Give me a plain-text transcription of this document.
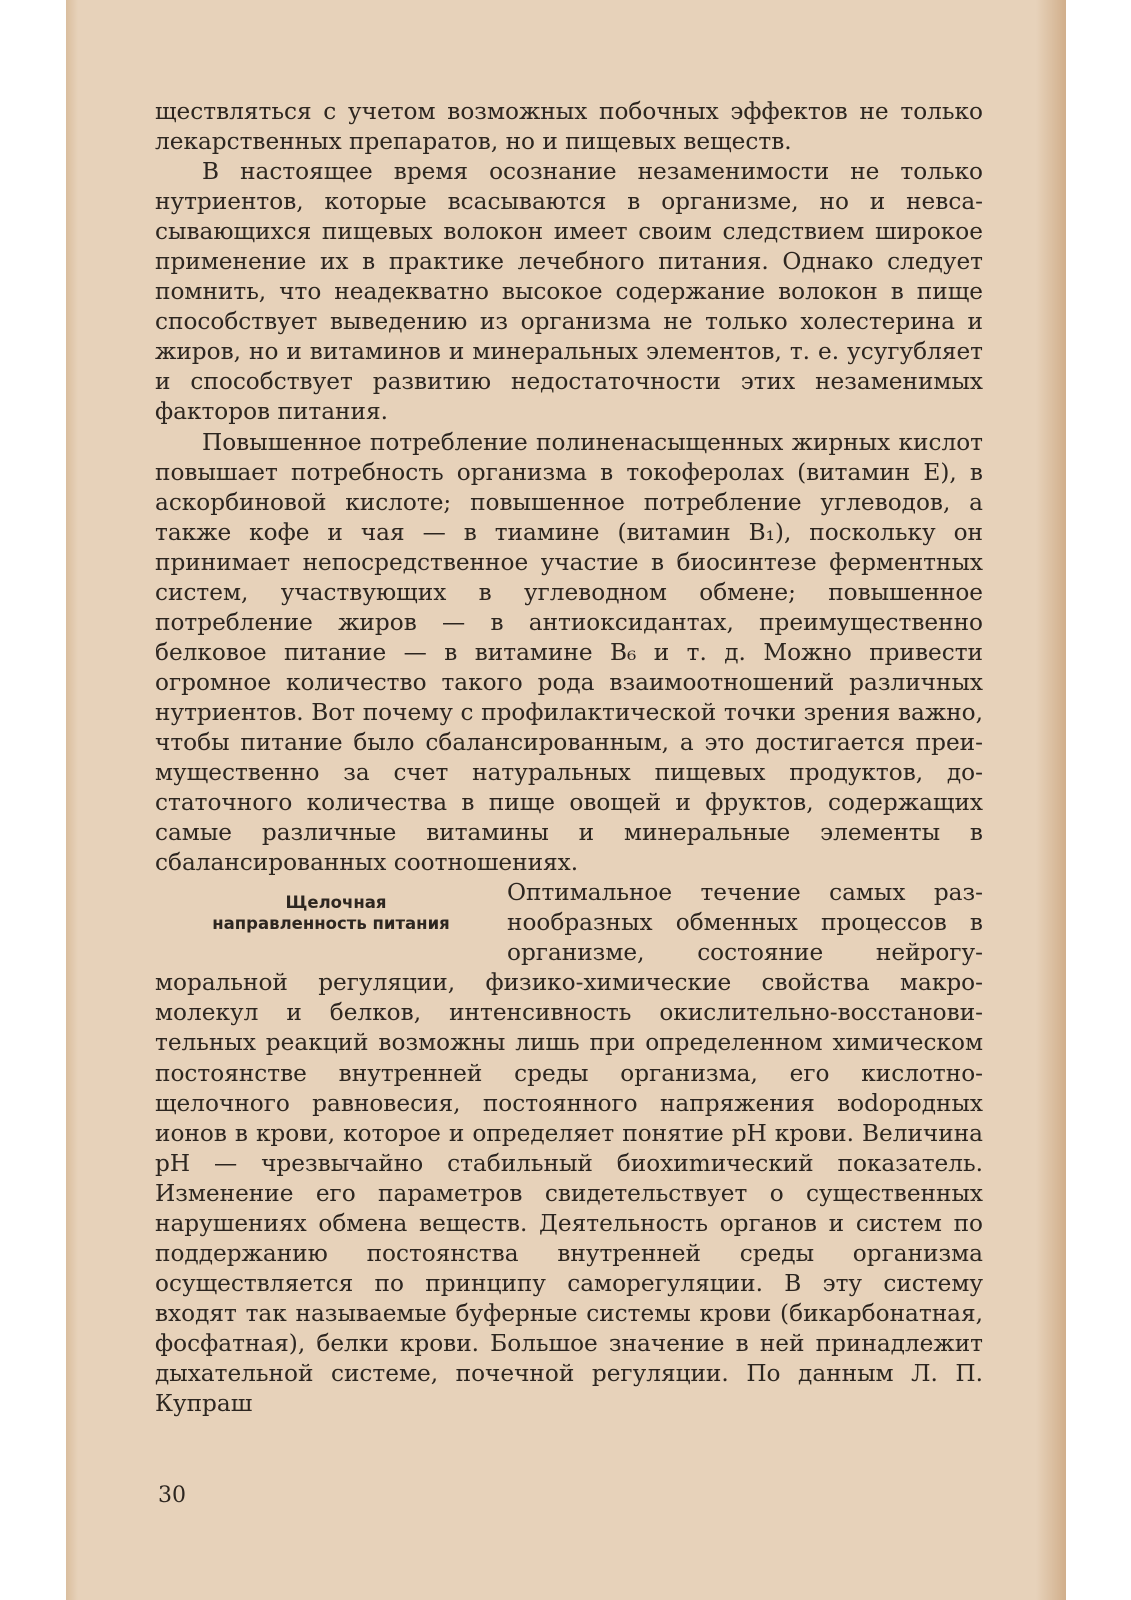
ществляться с учетом возможных побочных эффектов не только лекарственных препаратов, но и пищевых веществ.

В настоящее время осознание незаменимости не только нутриентов, которые всасываются в организме, но и невсасывающихся пищевых волокон имеет своим следствием широкое применение их в практике лечебного питания. Однако следует помнить, что неадекватно высокое содержание волокон в пище способствует выведению из организма не только холестерина и жиров, но и витаминов и минеральных элементов, т. е. усугубляет и способствует развитию недостаточности этих незаменимых факторов питания.

Повышенное потребление полиненасыщенных жирных кислот повышает потребность организма в токоферолах (витамин E), в аскорбиновой кислоте; повышенное потребление углеводов, а также кофе и чая — в тиамине (витамин B₁), поскольку он принимает непосредственное участие в биосинтезе ферментных систем, участвующих в углеводном обмене; повышенное потребление жиров — в антиоксидантах, преимущественно белковое питание — в витамине B₆ и т. д. Можно привести огромное количество такого рода взаимоотношений различных нутриентов. Вот почему с профилактической точки зрения важно, чтобы питание было сбалансированным, а это достигается преимущественно за счет натуральных пищевых продуктов, достаточного количества в пище овощей и фруктов, содержащих самые различные витамины и минеральные элементы в сбалансированных соотношениях.

Щелочная
направленность питания

Оптимальное течение самых разнообразных обменных процессов в организме, состояние нейрогуморальной регуляции, физико-химические свойства макромолекул и белков, интенсивность окислительно-восстановительных реакций возможны лишь при определенном химическом постоянстве внутренней среды организма, его кислотно-щелочного равновесия, постоянного напряжения воdородных ионов в крови, которое и определяет понятие pH крови. Величина pH — чрезвычайно стабильный биохиmический показатель. Изменение его параметров свидетельствует о существенных нарушениях обмена веществ. Деятельность органов и систем по поддержанию постоянства внутренней среды организма осуществляется по принципу саморегуляции. В эту систему входят так называемые буферные системы крови (бикарбонатная, фосфатная), белки крови. Большое значение в ней принадлежит дыхательной системе, почечной регуляции. По данным Л. П. Купраш

30
